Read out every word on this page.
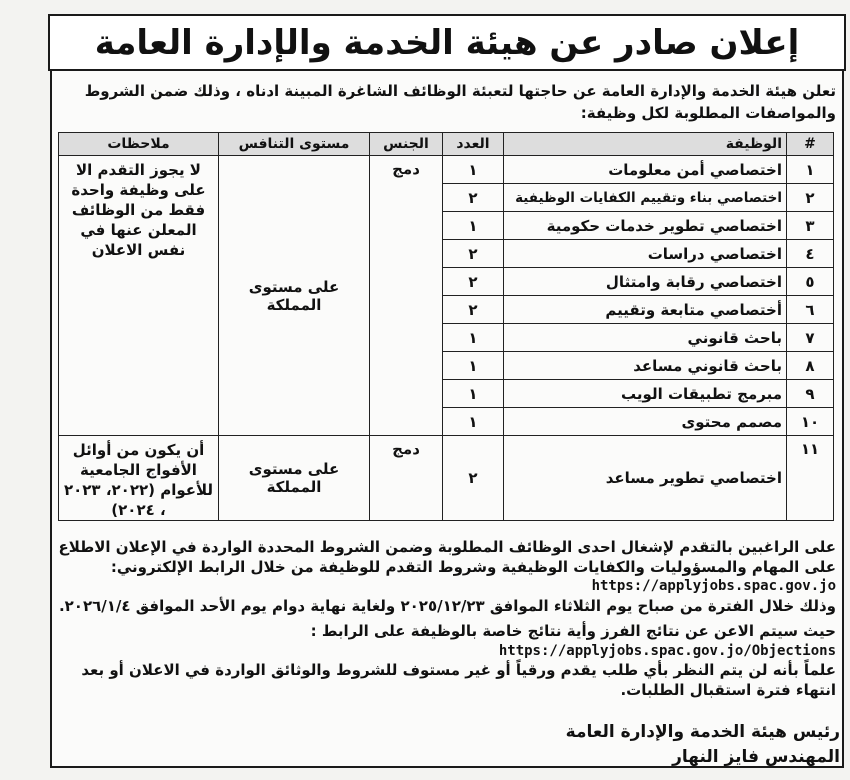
إعلان صادر عن هيئة الخدمة والإدارة العامة
تعلن هيئة الخدمة والإدارة العامة عن حاجتها لتعبئة الوظائف الشاغرة المبينة ادناه ، وذلك ضمن الشروط والمواصفات المطلوبة لكل وظيفة:
#	الوظيفة	العدد	الجنس	مستوى التنافس	ملاحظات
١	اختصاصي أمن معلومات	١	دمج	على مستوى المملكة	لا يجوز التقدم الا على وظيفة واحدة فقط من الوظائف المعلن عنها في نفس الاعلان
٢	اختصاصي بناء وتقييم الكفايات الوظيفية	٢			
٣	اختصاصي تطوير خدمات حكومية	١			
٤	اختصاصي دراسات	٢			
٥	اختصاصي رقابة وامتثال	٢			
٦	أختصاصي متابعة وتقييم	٢			
٧	باحث قانوني	١			
٨	باحث قانوني مساعد	١			
٩	مبرمج تطبيقات الويب	١			
١٠	مصمم محتوى	١			
١١	اختصاصي تطوير مساعد	٢	دمج	على مستوى المملكة	أن يكون من أوائل الأفواج الجامعية للأعوام (٢٠٢٢، ٢٠٢٣ ، ٢٠٢٤)

على الراغبين بالتقدم لإشغال احدى الوظائف المطلوبة وضمن الشروط المحددة الواردة في الإعلان الاطلاع على المهام والمسؤوليات والكفايات الوظيفية وشروط التقدم للوظيفة من خلال الرابط الإلكتروني:

https://applyjobs.spac.gov.jo

وذلك خلال الفترة من صباح يوم الثلاثاء الموافق ٢٠٢٥/١٢/٢٣ ولغاية نهاية دوام يوم الأحد الموافق ٢٠٢٦/١/٤.

حيث سيتم الاعن عن نتائج الفرز وأية نتائج خاصة بالوظيفة على الرابط :

https://applyjobs.spac.gov.jo/Objections

علماً بأنه لن يتم النظر بأي طلب يقدم ورقياً أو غير مستوف للشروط والوثائق الواردة في الاعلان أو بعد انتهاء فترة استقبال الطلبات.

رئيس هيئة الخدمة والإدارة العامة
المهندس فايز النهار
